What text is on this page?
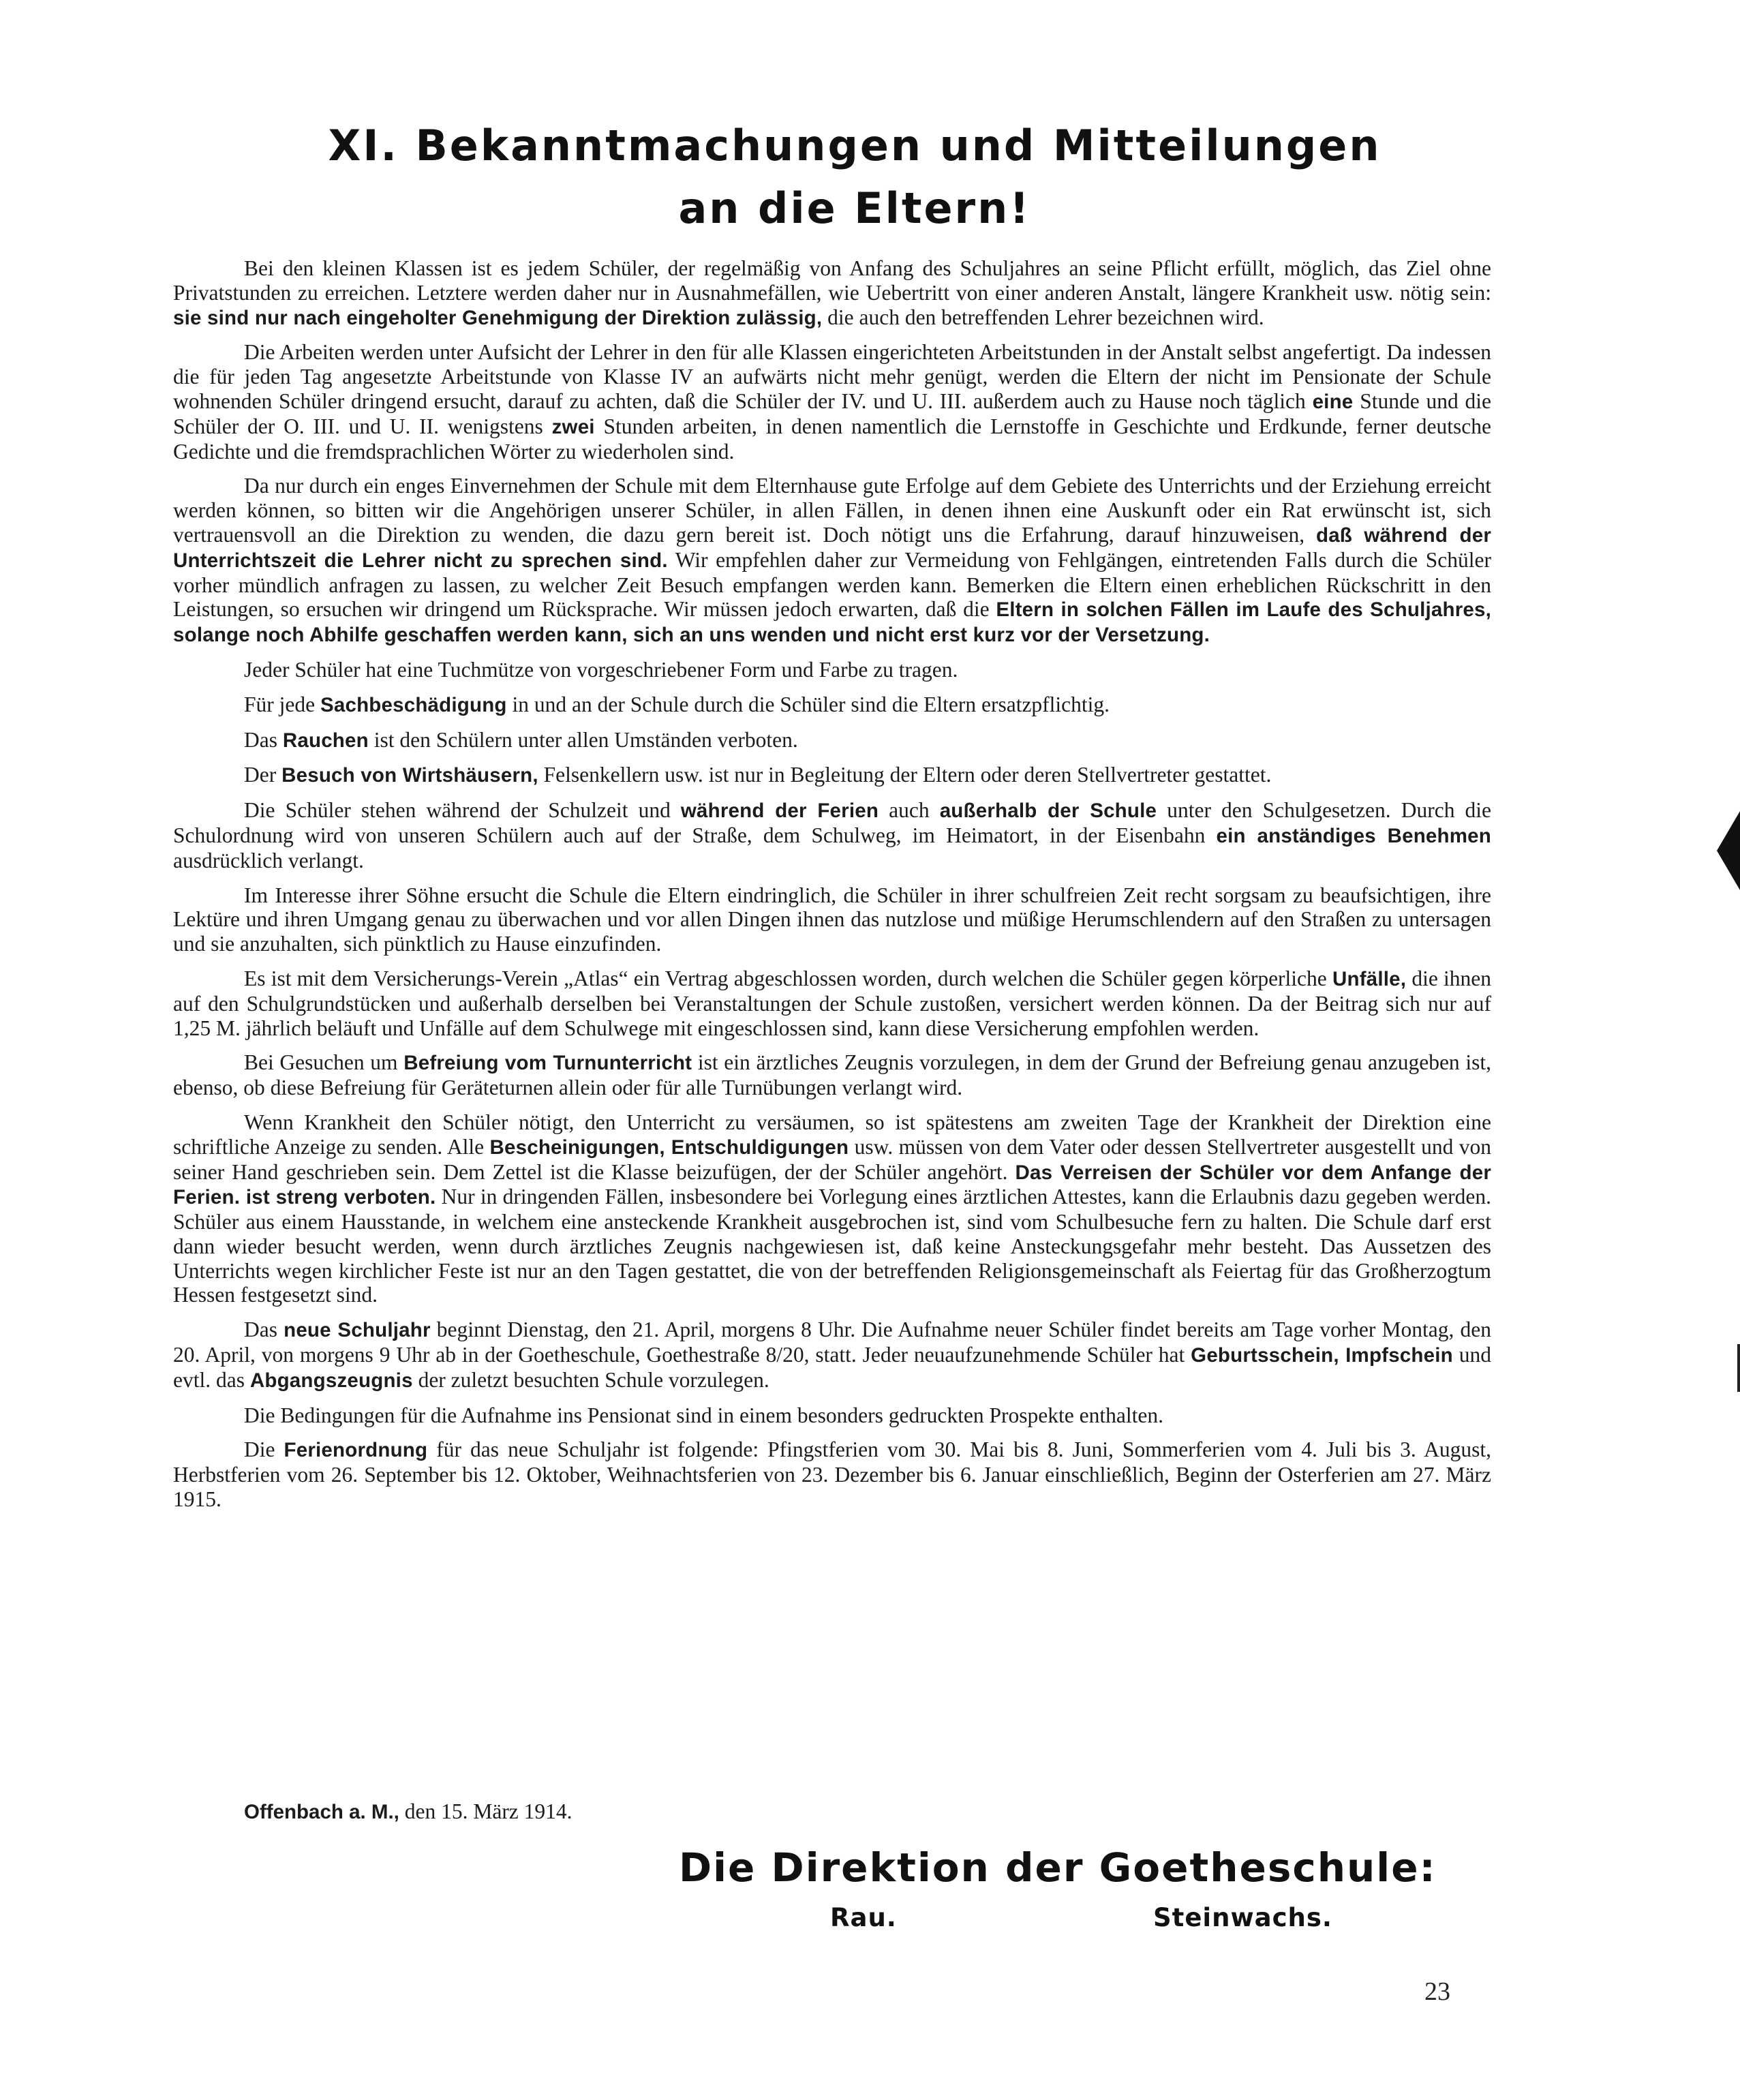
XI. Bekanntmachungen und Mitteilungen
an die Eltern!

Bei den kleinen Klassen ist es jedem Schüler, der regelmäßig von Anfang des Schuljahres an seine Pflicht erfüllt, möglich, das Ziel ohne Privatstunden zu erreichen. Letztere werden daher nur in Ausnahmefällen, wie Uebertritt von einer anderen Anstalt, längere Krankheit usw. nötig sein: sie sind nur nach eingeholter Genehmigung der Direktion zulässig, die auch den betreffenden Lehrer bezeichnen wird.

Die Arbeiten werden unter Aufsicht der Lehrer in den für alle Klassen eingerichteten Arbeitstunden in der Anstalt selbst angefertigt. Da indessen die für jeden Tag angesetzte Arbeitstunde von Klasse IV an aufwärts nicht mehr genügt, werden die Eltern der nicht im Pensionate der Schule wohnenden Schüler dringend ersucht, darauf zu achten, daß die Schüler der IV. und U. III. außerdem auch zu Hause noch täglich eine Stunde und die Schüler der O. III. und U. II. wenigstens zwei Stunden arbeiten, in denen namentlich die Lernstoffe in Geschichte und Erdkunde, ferner deutsche Gedichte und die fremdsprachlichen Wörter zu wiederholen sind.

Da nur durch ein enges Einvernehmen der Schule mit dem Elternhause gute Erfolge auf dem Gebiete des Unterrichts und der Erziehung erreicht werden können, so bitten wir die Angehörigen unserer Schüler, in allen Fällen, in denen ihnen eine Auskunft oder ein Rat erwünscht ist, sich vertrauensvoll an die Direktion zu wenden, die dazu gern bereit ist. Doch nötigt uns die Erfahrung, darauf hinzuweisen, daß während der Unterrichtszeit die Lehrer nicht zu sprechen sind. Wir empfehlen daher zur Vermeidung von Fehlgängen, eintretenden Falls durch die Schüler vorher mündlich anfragen zu lassen, zu welcher Zeit Besuch empfangen werden kann. Bemerken die Eltern einen erheblichen Rückschritt in den Leistungen, so ersuchen wir dringend um Rücksprache. Wir müssen jedoch erwarten, daß die Eltern in solchen Fällen im Laufe des Schuljahres, solange noch Abhilfe geschaffen werden kann, sich an uns wenden und nicht erst kurz vor der Versetzung.

Jeder Schüler hat eine Tuchmütze von vorgeschriebener Form und Farbe zu tragen.

Für jede Sachbeschädigung in und an der Schule durch die Schüler sind die Eltern ersatzpflichtig.

Das Rauchen ist den Schülern unter allen Umständen verboten.

Der Besuch von Wirtshäusern, Felsenkellern usw. ist nur in Begleitung der Eltern oder deren Stellvertreter gestattet.

Die Schüler stehen während der Schulzeit und während der Ferien auch außerhalb der Schule unter den Schulgesetzen. Durch die Schulordnung wird von unseren Schülern auch auf der Straße, dem Schulweg, im Heimatort, in der Eisenbahn ein anständiges Benehmen ausdrücklich verlangt.

Im Interesse ihrer Söhne ersucht die Schule die Eltern eindringlich, die Schüler in ihrer schulfreien Zeit recht sorgsam zu beaufsichtigen, ihre Lektüre und ihren Umgang genau zu überwachen und vor allen Dingen ihnen das nutzlose und müßige Herumschlendern auf den Straßen zu untersagen und sie anzuhalten, sich pünktlich zu Hause einzufinden.

Es ist mit dem Versicherungs-Verein „Atlas“ ein Vertrag abgeschlossen worden, durch welchen die Schüler gegen körperliche Unfälle, die ihnen auf den Schulgrundstücken und außerhalb derselben bei Veranstaltungen der Schule zustoßen, versichert werden können. Da der Beitrag sich nur auf 1,25 M. jährlich beläuft und Unfälle auf dem Schulwege mit eingeschlossen sind, kann diese Versicherung empfohlen werden.

Bei Gesuchen um Befreiung vom Turnunterricht ist ein ärztliches Zeugnis vorzulegen, in dem der Grund der Befreiung genau anzugeben ist, ebenso, ob diese Befreiung für Geräteturnen allein oder für alle Turnübungen verlangt wird.

Wenn Krankheit den Schüler nötigt, den Unterricht zu versäumen, so ist spätestens am zweiten Tage der Krankheit der Direktion eine schriftliche Anzeige zu senden. Alle Bescheinigungen, Entschuldigungen usw. müssen von dem Vater oder dessen Stellvertreter ausgestellt und von seiner Hand geschrieben sein. Dem Zettel ist die Klasse beizufügen, der der Schüler angehört. Das Verreisen der Schüler vor dem Anfange der Ferien. ist streng verboten. Nur in dringenden Fällen, insbesondere bei Vorlegung eines ärztlichen Attestes, kann die Erlaubnis dazu gegeben werden. Schüler aus einem Hausstande, in welchem eine ansteckende Krankheit ausgebrochen ist, sind vom Schulbesuche fern zu halten. Die Schule darf erst dann wieder besucht werden, wenn durch ärztliches Zeugnis nachgewiesen ist, daß keine Ansteckungsgefahr mehr besteht. Das Aussetzen des Unterrichts wegen kirchlicher Feste ist nur an den Tagen gestattet, die von der betreffenden Religionsgemeinschaft als Feiertag für das Großherzogtum Hessen festgesetzt sind.

Das neue Schuljahr beginnt Dienstag, den 21. April, morgens 8 Uhr. Die Aufnahme neuer Schüler findet bereits am Tage vorher Montag, den 20. April, von morgens 9 Uhr ab in der Goetheschule, Goethestraße 8/20, statt. Jeder neuaufzunehmende Schüler hat Geburtsschein, Impfschein und evtl. das Abgangszeugnis der zuletzt besuchten Schule vorzulegen.

Die Bedingungen für die Aufnahme ins Pensionat sind in einem besonders gedruckten Prospekte enthalten.

Die Ferienordnung für das neue Schuljahr ist folgende: Pfingstferien vom 30. Mai bis 8. Juni, Sommerferien vom 4. Juli bis 3. August, Herbstferien vom 26. September bis 12. Oktober, Weihnachtsferien von 23. Dezember bis 6. Januar einschließlich, Beginn der Osterferien am 27. März 1915.

Offenbach a. M., den 15. März 1914.
Die Direktion der Goetheschule:
Rau.	Steinwachs.
23
